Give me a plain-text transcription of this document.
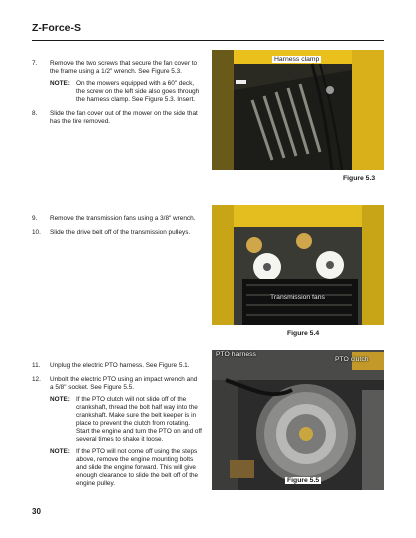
Z-Force-S
7.	Remove the two screws that secure the fan cover to the frame using a 1/2" wrench. See Figure 5.3.
NOTE: On the mowers equipped with a 60" deck, the screw on the left side also goes through the harness clamp. See Figure 5.3. Insert.
8.	Slide the fan cover out of the mower on the side that has the tire removed.
Harness clamp
Figure 5.3
9.	Remove the transmission fans using a 3/8" wrench.
10.	Slide the drive belt off of the transmission pulleys.
Transmission fans
Figure 5.4
11.	Unplug the electric PTO harness. See Figure 5.1.
12.	Unbolt the electric PTO using an impact wrench and a 5/8" socket. See Figure 5.5.
NOTE: If the PTO clutch will not slide off of the crankshaft, thread the bolt half way into the crankshaft. Make sure the belt keeper is in place to prevent the clutch from rotating. Start the engine and turn the PTO on and off several times to shake it loose.
NOTE: If the PTO will not come off using the steps above, remove the engine mounting bolts and slide the engine forward. This will give enough clearance to slide the belt off of the engine pulley.
PTO harness
PTO clutch
Figure 5.5
30
